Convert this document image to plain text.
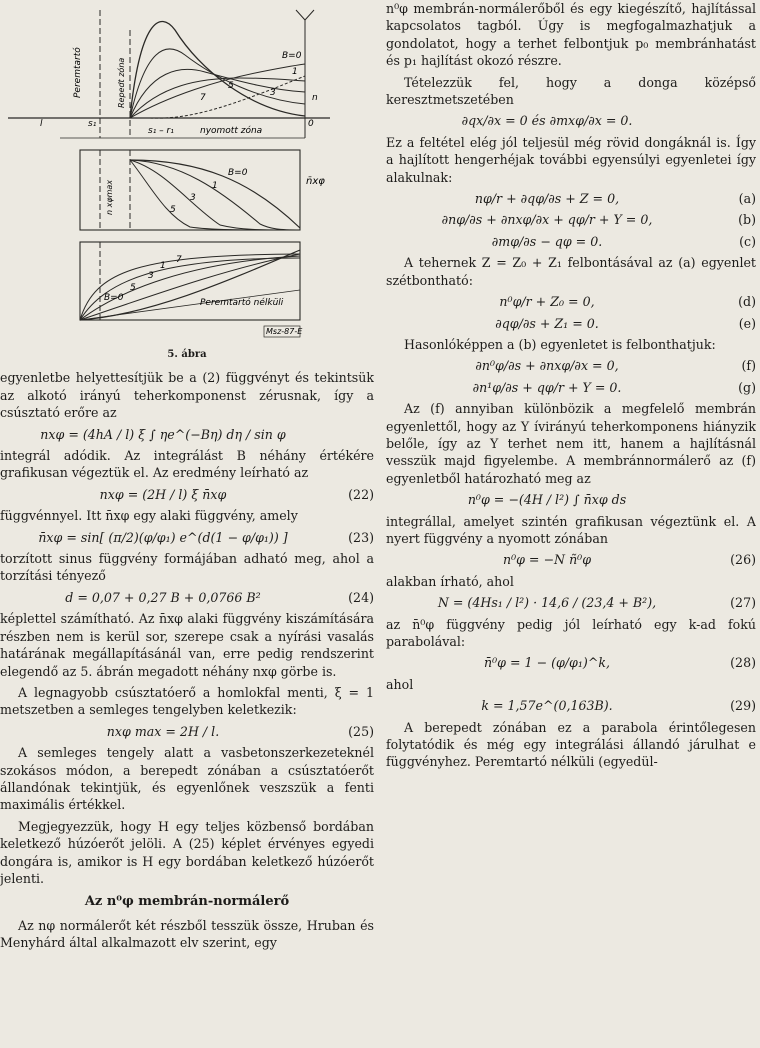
Peremtartó	Repedt zóna
nyomott zóna
s₁ – r₁
B=0
1
3
5
7	n
0
s₁
l
n xφmax
B=0
n̄xφ
1
3
5
Peremtartó nélküli
Msz-87-E
1
3
5
B=0
7
5. ábra

egyenletbe helyettesítjük be a (2) függvényt és tekintsük az alkotó irányú teherkomponenst zérusnak, így a csúsztató erőre az

nxφ = (4hA / l) ξ ∫ ηe^(−Bη) dη / sin φ

integrál adódik. Az integrálást B néhány értékére grafikusan végeztük el. Az eredmény leírható az

nxφ = (2H / l) ξ n̄xφ	(22)

függvénnyel. Itt n̄xφ egy alaki függvény, amely

n̄xφ = sin[ (π/2)(φ/φ₁) e^(d(1 − φ/φ₁)) ]	(23)

torzított sinus függvény formájában adható meg, ahol a torzítási tényező

d = 0,07 + 0,27 B + 0,0766 B²	(24)

képlettel számítható. Az n̄xφ alaki függvény kiszámítására részben nem is kerül sor, szerepe csak a nyírási vasalás határának megállapításánál van, erre pedig rendszerint elegendő az 5. ábrán megadott néhány nxφ görbe is.

A legnagyobb csúsztatóerő a homlokfal menti, ξ = 1 metszetben a semleges tengelyben keletkezik:

nxφ max = 2H / l.	(25)

A semleges tengely alatt a vasbetonszerkezeteknél szokásos módon, a berepedt zónában a csúsztatóerőt állandónak tekintjük, és egyenlőnek veszszük a fenti maximális értékkel.

Megjegyezzük, hogy H egy teljes közbenső bordában keletkező húzóerőt jelöli. A (25) képlet érvényes egyedi dongára is, amikor is H egy bordában keletkező húzóerőt jelenti.

Az n⁰φ membrán-normálerő

Az nφ normálerőt két részből tesszük össze, Hruban és Menyhárd által alkalmazott elv szerint, egy

n⁰φ membrán-normálerőből és egy kiegészítő, hajlítással kapcsolatos tagból. Úgy is megfogalmazhatjuk a gondolatot, hogy a terhet felbontjuk p₀ membránhatást és p₁ hajlítást okozó részre.

Tételezzük fel, hogy a donga középső keresztmetszetében

∂qx/∂x = 0 és ∂mxφ/∂x = 0.

Ez a feltétel elég jól teljesül még rövid dongáknál is. Így a hajlított hengerhéjak további egyensúlyi egyenletei így alakulnak:

nφ/r + ∂qφ/∂s + Z = 0,	(a)
∂nφ/∂s + ∂nxφ/∂x + qφ/r + Y = 0,	(b)
∂mφ/∂s − qφ = 0.	(c)

A tehernek Z = Z₀ + Z₁ felbontásával az (a) egyenlet szétbontható:

n⁰φ/r + Z₀ = 0,	(d)
∂qφ/∂s + Z₁ = 0.	(e)

Hasonlóképpen a (b) egyenletet is felbonthatjuk:

∂n⁰φ/∂s + ∂nxφ/∂x = 0,	(f)
∂n¹φ/∂s + qφ/r + Y = 0.	(g)

Az (f) annyiban különbözik a megfelelő membrán egyenlettől, hogy az Y ívirányú teherkomponens hiányzik belőle, így az Y terhet nem itt, hanem a hajlításnál vesszük majd figyelembe. A membránnormálerő az (f) egyenletből határozható meg az

n⁰φ = −(4H / l²) ∫ n̄xφ ds

integrállal, amelyet szintén grafikusan végeztünk el. A nyert függvény a nyomott zónában

n⁰φ = −N ñ⁰φ	(26)

alakban írható, ahol

N = (4Hs₁ / l²) · 14,6 / (23,4 + B²),	(27)

az n̄⁰φ függvény pedig jól leírható egy k-ad fokú parabolával:

n̄⁰φ = 1 − (φ/φ₁)^k,	(28)

ahol

k = 1,57e^(0,163B).	(29)

A berepedt zónában ez a parabola érintőlegesen folytatódik és még egy integrálási állandó járulhat e függvényhez. Peremtartó nélküli (egyedül-
